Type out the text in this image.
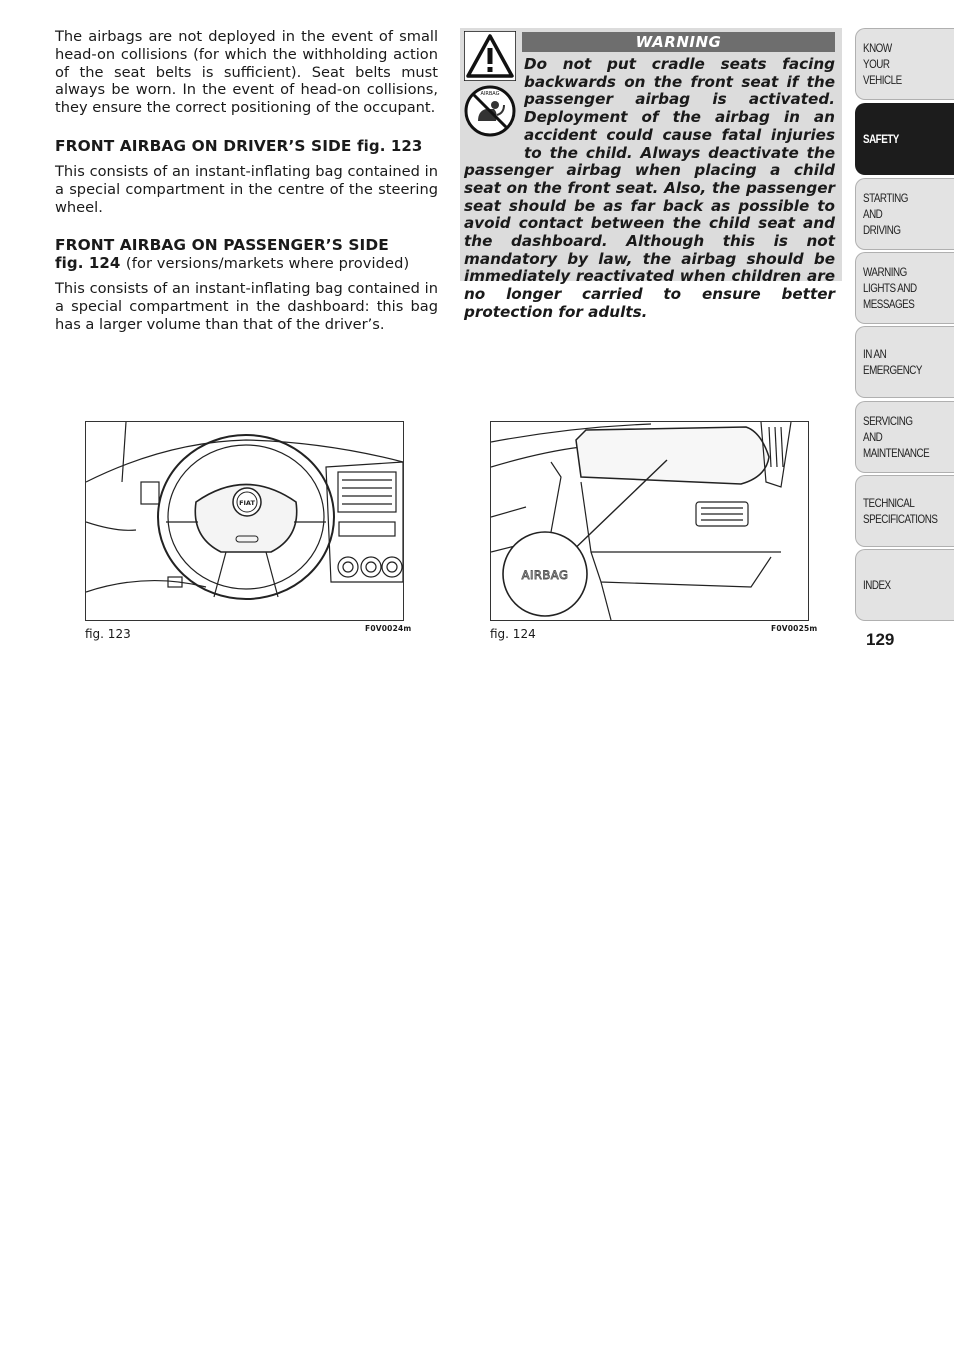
The airbags are not deployed in the event of small head-on collisions (for which the withholding action of the seat belts is sufficient). Seat belts must always be worn. In the event of head-on collisions, they ensure the correct positioning of the occupant.

FRONT AIRBAG ON DRIVER’S SIDE fig. 123

This consists of an instant-inflating bag contained in a special compartment in the centre of the steering wheel.

FRONT AIRBAG ON PASSENGER’S SIDE
fig. 124 (for versions/markets where provided)

This consists of an instant-inflating bag contained in a special compartment in the dashboard: this bag has a larger volume than that of the driver’s.

WARNING
AIRBAG
Do not put cradle seats facing backwards on the front seat if the passenger airbag is activated. Deployment of the airbag in an accident could cause fatal injuries to the child. Always deactivate the passenger airbag when placing a child seat on the front seat. Also, the passenger seat should be as far back as possible to avoid contact between the child seat and the dashboard. Although this is not mandatory by law, the airbag should be immediately reactivated when children are no longer carried to ensure better protection for adults.
FIAT
fig. 123	F0V0024m
AIRBAG
fig. 124	F0V0025m
KNOW
YOUR
VEHICLE
SAFETY
STARTING
AND
DRIVING
WARNING
LIGHTS AND
MESSAGES
IN AN
EMERGENCY
SERVICING
AND
MAINTENANCE
TECHNICAL
SPECIFICATIONS
INDEX
129
